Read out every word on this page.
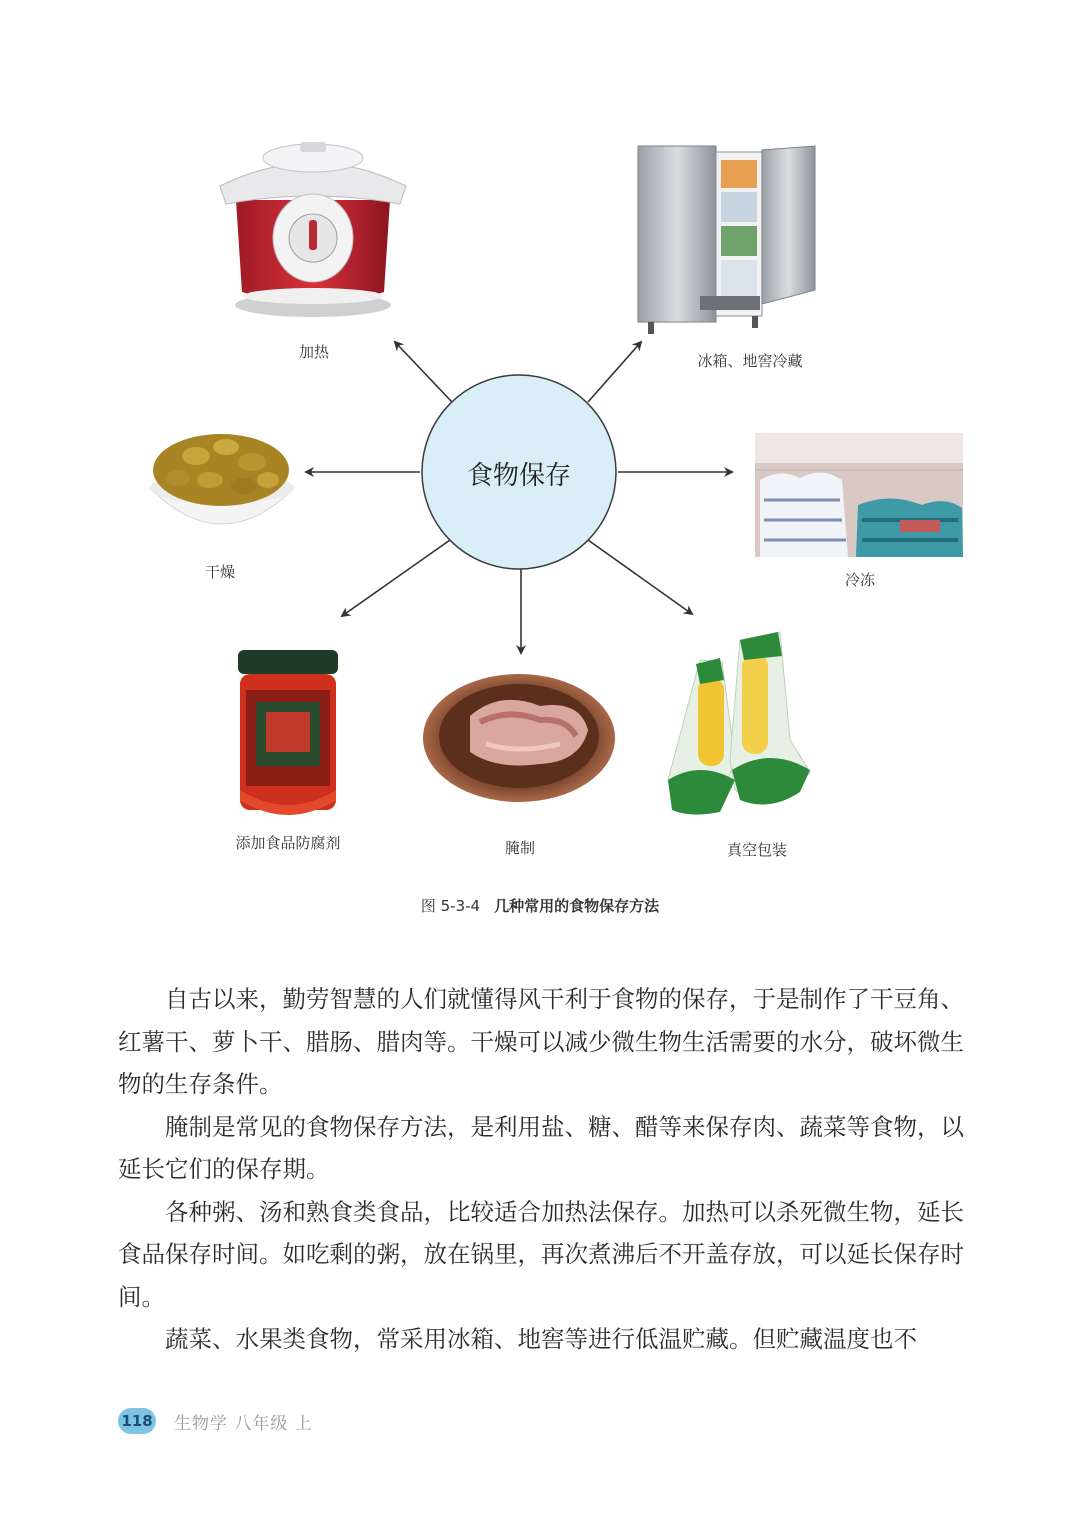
食物保存
加热	冰箱、地窖冷藏
干燥	冷冻
添加食品防腐剂	腌制	真空包装
图 5-3-4 几种常用的食物保存方法

自古以来，勤劳智慧的人们就懂得风干利于食物的保存，于是制作了干豆角、红薯干、萝卜干、腊肠、腊肉等。干燥可以减少微生物生活需要的水分，破坏微生物的生存条件。

腌制是常见的食物保存方法，是利用盐、糖、醋等来保存肉、蔬菜等食物，以延长它们的保存期。

各种粥、汤和熟食类食品，比较适合加热法保存。加热可以杀死微生物，延长食品保存时间。如吃剩的粥，放在锅里，再次煮沸后不开盖存放，可以延长保存时间。

蔬菜、水果类食物，常采用冰箱、地窖等进行低温贮藏。但贮藏温度也不

118 生物学 八年级 上
